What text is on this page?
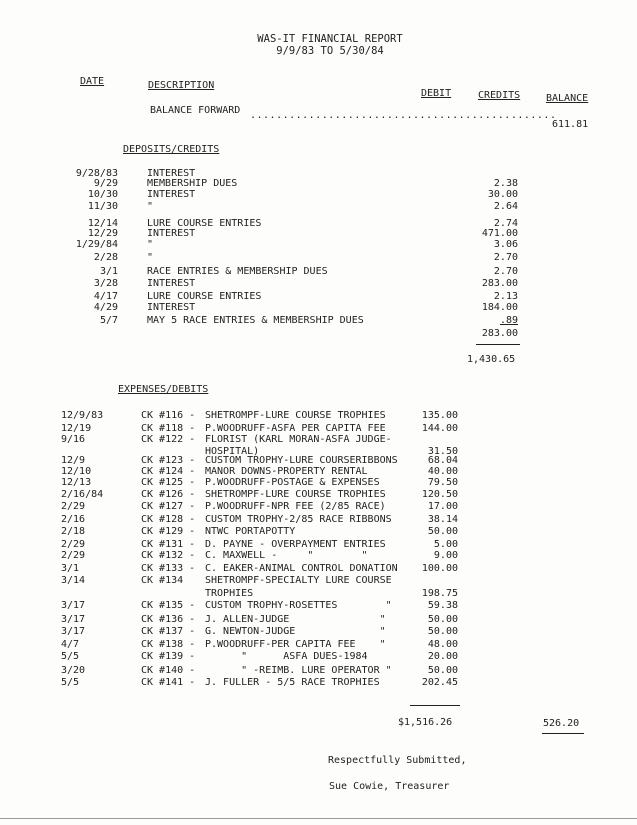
WAS-IT FINANCIAL REPORT
9/9/83 TO 5/30/84
DATE	DESCRIPTION
DEBIT	CREDITS	BALANCE
BALANCE FORWARD ...............................................
611.81
DEPOSITS/CREDITS
9/28/83	INTEREST
9/29	MEMBERSHIP DUES	2.38
10/30	INTEREST	30.00
11/30	"	2.64
12/14	LURE COURSE ENTRIES	2.74
12/29	INTEREST	471.00
1/29/84	"	3.06
2/28	"	2.70
3/1	RACE ENTRIES & MEMBERSHIP DUES	2.70
3/28	INTEREST	283.00
4/17	LURE COURSE ENTRIES	2.13
4/29	INTEREST	184.00
5/7	MAY 5 RACE ENTRIES & MEMBERSHIP DUES	.89
283.00
1,430.65
EXPENSES/DEBITS
12/9/83	CK #116 - SHETROMPF-LURE COURSE TROPHIES	135.00
12/19	CK #118 - P.WOODRUFF-ASFA PER CAPITA FEE	144.00
9/16	CK #122 - FLORIST (KARL MORAN-ASFA JUDGE-
HOSPITAL)	31.50
12/9	CK #123 - CUSTOM TROPHY-LURE COURSERIBBONS	68.04
12/10	CK #124 - MANOR DOWNS-PROPERTY RENTAL	40.00
12/13	CK #125 - P.WOODRUFF-POSTAGE & EXPENSES	79.50
2/16/84	CK #126 - SHETROMPF-LURE COURSE TROPHIES	120.50
2/29	CK #127 - P.WOODRUFF-NPR FEE (2/85 RACE)	17.00
2/16	CK #128 - CUSTOM TROPHY-2/85 RACE RIBBONS	38.14
2/18	CK #129 - NTWC PORTAPOTTY	50.00
2/29	CK #131 - D. PAYNE - OVERPAYMENT ENTRIES	5.00
2/29	CK #132 - C. MAXWELL -     "        "	9.00
3/1	CK #133 - C. EAKER-ANIMAL CONTROL DONATION	100.00
3/14	CK #134 SHETROMPF-SPECIALTY LURE COURSE
TROPHIES	198.75
3/17	CK #135 - CUSTOM TROPHY-ROSETTES        "	59.38
3/17	CK #136 - J. ALLEN-JUDGE               "	50.00
3/17	CK #137 - G. NEWTON-JUDGE              "	50.00
4/7	CK #138 - P.WOODRUFF-PER CAPITA FEE    "	48.00
5/5	CK #139 - "      ASFA DUES-1984	20.00
3/20	CK #140 - " -REIMB. LURE OPERATOR "	50.00
5/5	CK #141 - J. FULLER - 5/5 RACE TROPHIES	202.45
$1,516.26	526.20
Respectfully Submitted,
Sue Cowie, Treasurer
